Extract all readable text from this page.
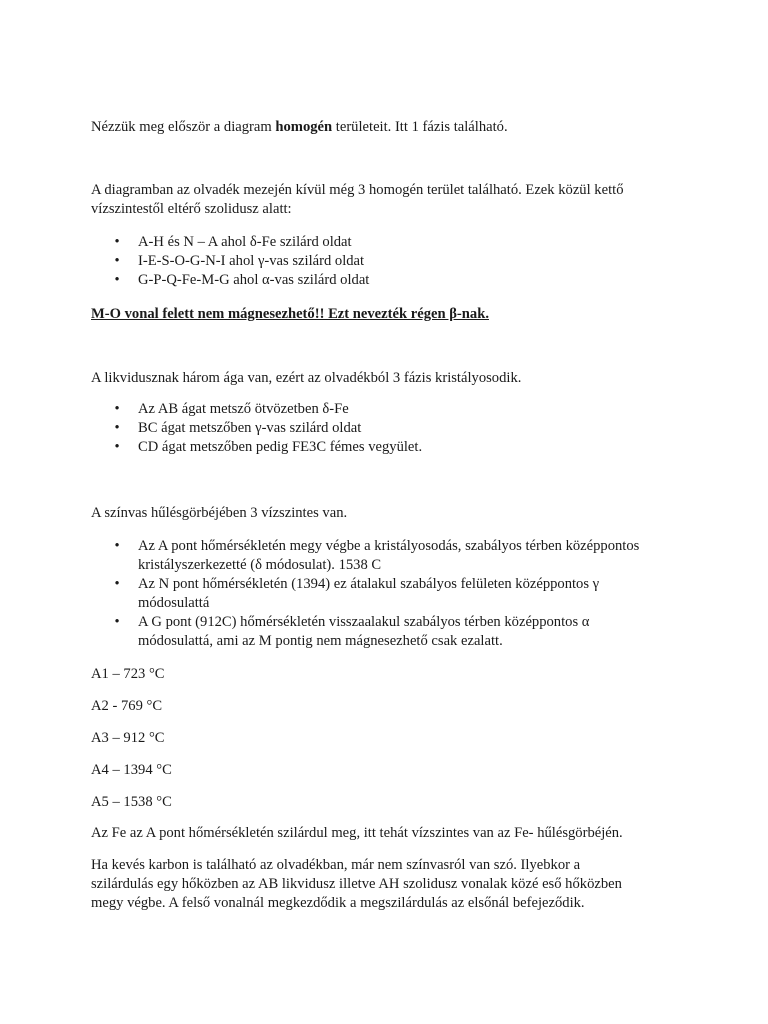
Nézzük meg először a diagram homogén területeit. Itt 1 fázis található.

A diagramban az olvadék mezején kívül még 3 homogén terület található. Ezek közül kettő vízszintestől eltérő szolidusz alatt:

• A-H és N – A ahol δ-Fe szilárd oldat
• I-E-S-O-G-N-I ahol γ-vas szilárd oldat
• G-P-Q-Fe-M-G ahol α-vas szilárd oldat

M-O vonal felett nem mágnesezhető!! Ezt nevezték régen β-nak.

A likvidusznak három ága van, ezért az olvadékból 3 fázis kristályosodik.

• Az AB ágat metsző ötvözetben δ-Fe
• BC ágat metszőben γ-vas szilárd oldat
• CD ágat metszőben pedig FE3C fémes vegyület.

A színvas hűlésgörbéjében 3 vízszintes van.

• Az A pont hőmérsékletén megy végbe a kristályosodás, szabályos térben középpontos
kristályszerkezetté (δ módosulat). 1538 C
• Az N pont hőmérsékletén (1394) ez átalakul szabályos felületen középpontos γ
módosulattá
• A G pont (912C) hőmérsékletén visszaalakul szabályos térben középpontos α
módosulattá, ami az M pontig nem mágnesezhető csak ezalatt.

A1 – 723 °C

A2 - 769 °C

A3 – 912 °C

A4 – 1394 °C

A5 – 1538 °C

Az Fe az A pont hőmérsékletén szilárdul meg, itt tehát vízszintes van az Fe- hűlésgörbéjén.

Ha kevés karbon is található az olvadékban, már nem színvasról van szó. Ilyebkor a
szilárdulás egy hőközben az AB likvidusz illetve AH szolidusz vonalak közé eső hőközben
megy végbe. A felső vonalnál megkezdődik a megszilárdulás az elsőnál befejeződik.
